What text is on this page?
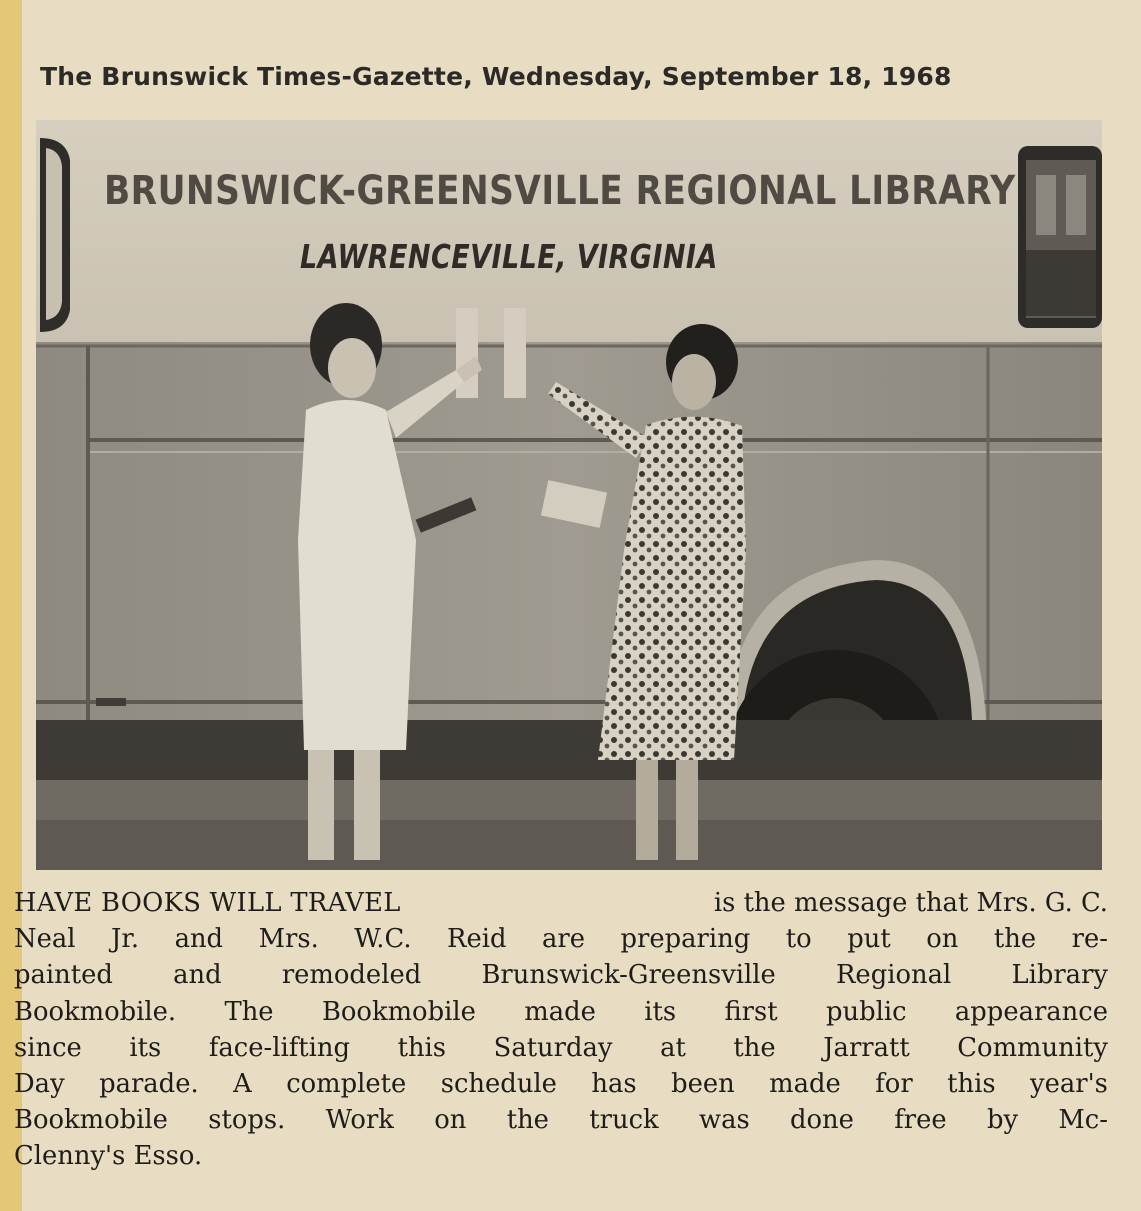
The Brunswick Times-Gazette, Wednesday, September 18, 1968
BRUNSWICK-GREENSVILLE REGIONAL LIBRARY
LAWRENCEVILLE, VIRGINIA
HAVE BOOKS WILL TRAVEL	is the message that Mrs. G. C.
Neal Jr. and Mrs. W.C. Reid are preparing to put on the re-
painted and remodeled Brunswick-Greensville Regional Library
Bookmobile. The Bookmobile made its first public appearance
since its face-lifting this Saturday at the Jarratt Community
Day parade. A complete schedule has been made for this year's
Bookmobile stops. Work on the truck was done free by Mc-
Clenny's Esso.
